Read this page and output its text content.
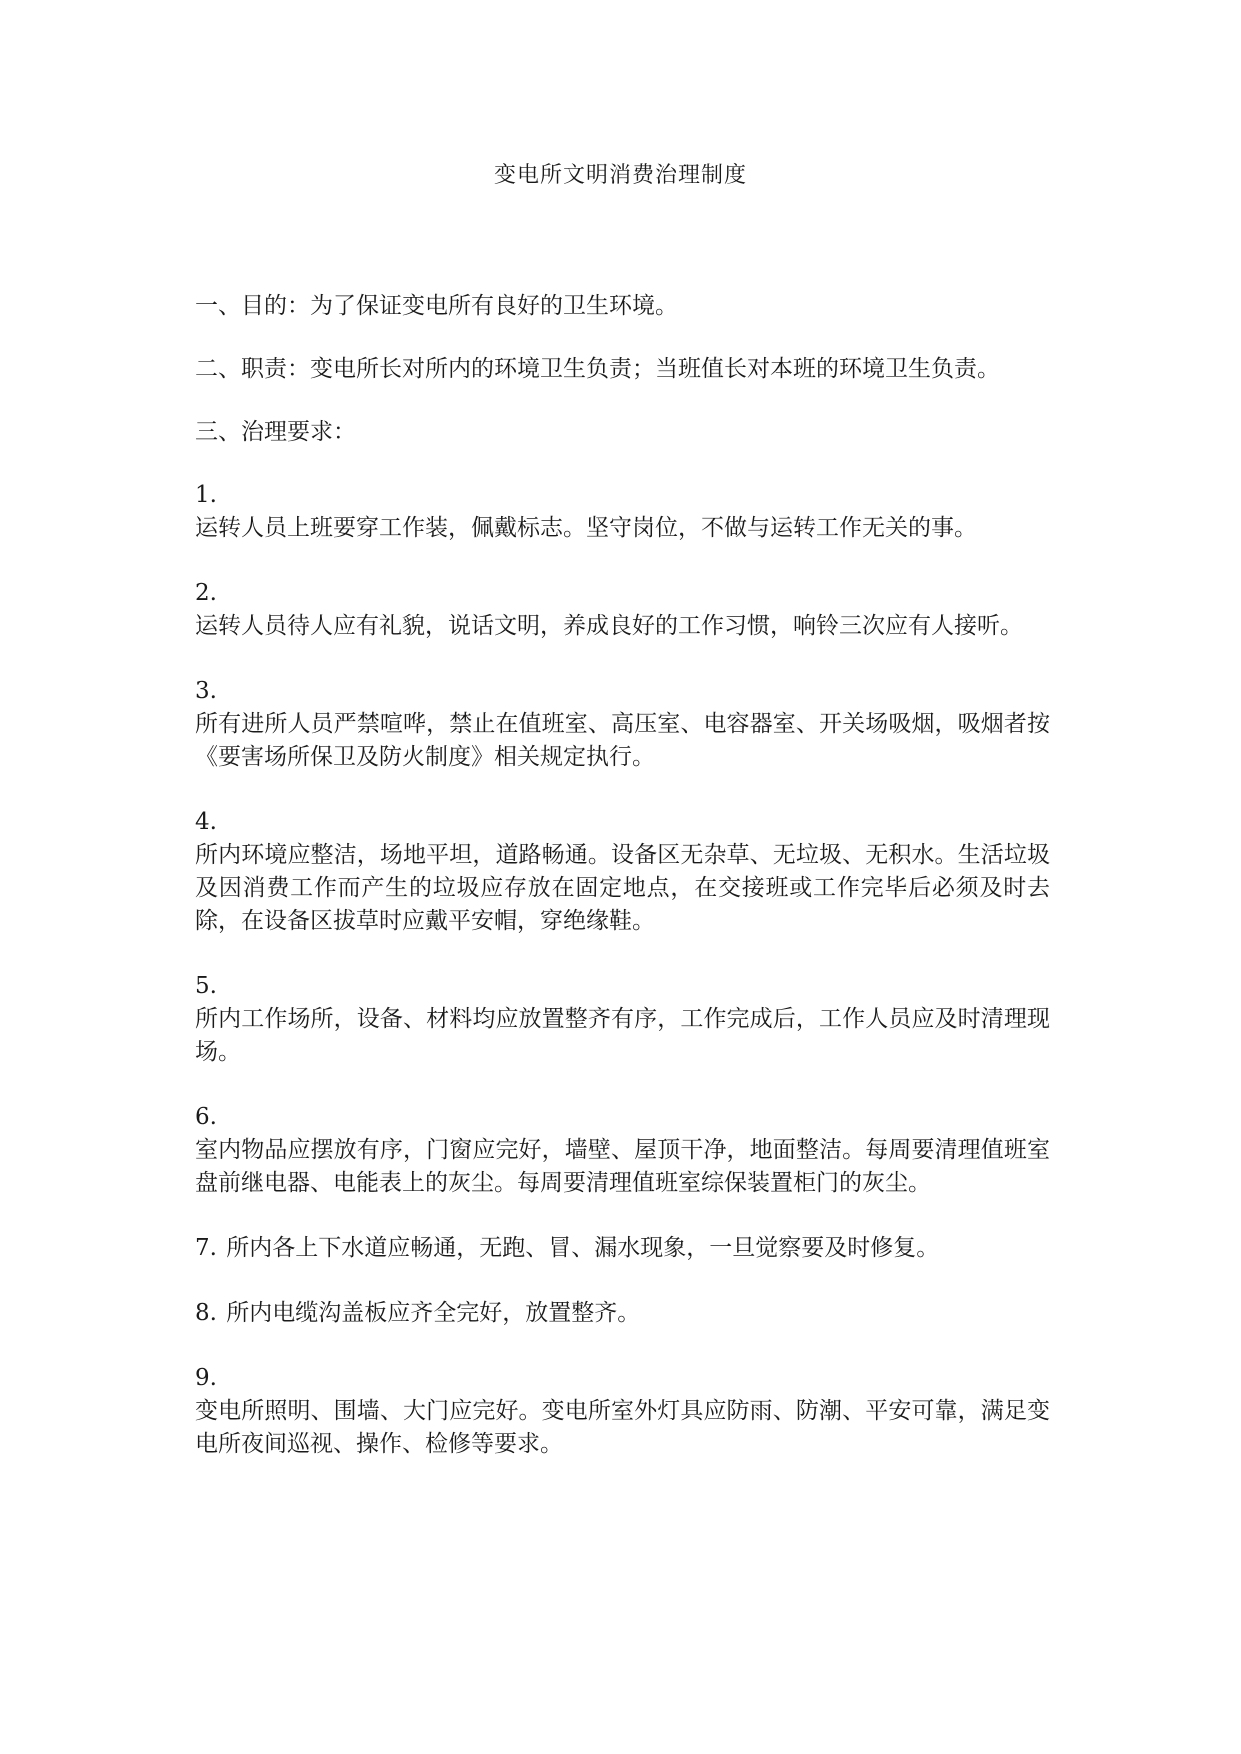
变电所文明消费治理制度

一、目的：为了保证变电所有良好的卫生环境。

二、职责：变电所长对所内的环境卫生负责；当班值长对本班的环境卫生负责。

三、治理要求：

1.
运转人员上班要穿工作装，佩戴标志。坚守岗位，不做与运转工作无关的事。
2.
运转人员待人应有礼貌，说话文明，养成良好的工作习惯，响铃三次应有人接听。
3.
所有进所人员严禁喧哗，禁止在值班室、高压室、电容器室、开关场吸烟，吸烟者按《要害场所保卫及防火制度》相关规定执行。
4.
所内环境应整洁，场地平坦，道路畅通。设备区无杂草、无垃圾、无积水。生活垃圾及因消费工作而产生的垃圾应存放在固定地点，在交接班或工作完毕后必须及时去除，在设备区拔草时应戴平安帽，穿绝缘鞋。
5.
所内工作场所，设备、材料均应放置整齐有序，工作完成后，工作人员应及时清理现场。
6.
室内物品应摆放有序，门窗应完好，墙壁、屋顶干净，地面整洁。每周要清理值班室盘前继电器、电能表上的灰尘。每周要清理值班室综保装置柜门的灰尘。
7. 所内各上下水道应畅通，无跑、冒、漏水现象，一旦觉察要及时修复。
8. 所内电缆沟盖板应齐全完好，放置整齐。
9.
变电所照明、围墙、大门应完好。变电所室外灯具应防雨、防潮、平安可靠，满足变电所夜间巡视、操作、检修等要求。
